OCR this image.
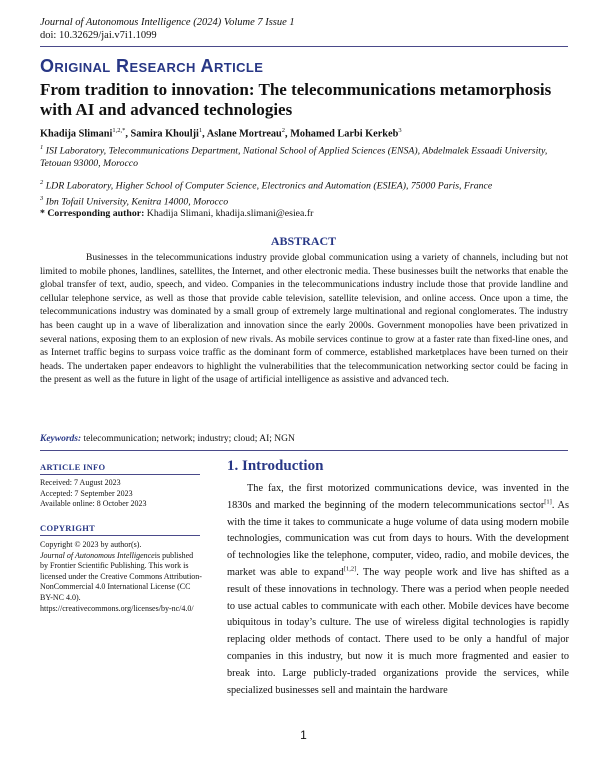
Journal of Autonomous Intelligence (2024) Volume 7 Issue 1
doi: 10.32629/jai.v7i1.1099
Original Research Article
From tradition to innovation: The telecommunications metamorphosis with AI and advanced technologies
Khadija Slimani$^{1,2,*}$, Samira Khoulji$^1$, Aslane Mortreau$^2$, Mohamed Larbi Kerkeb$^3$
$^1$ ISI Laboratory, Telecommunications Department, National School of Applied Sciences (ENSA), Abdelmalek Essaadi University, Tetouan 93000, Morocco
$^2$ LDR Laboratory, Higher School of Computer Science, Electronics and Automation (ESIEA), 75000 Paris, France
$^3$ Ibn Tofail University, Kenitra 14000, Morocco
* Corresponding author: Khadija Slimani, khadija.slimani@esiea.fr
ABSTRACT

Businesses in the telecommunications industry provide global communication using a variety of channels, including but not limited to mobile phones, landlines, satellites, the Internet, and other electronic media. These businesses built the networks that enable the global transfer of text, audio, speech, and video. Companies in the telecommunications industry include those that provide landline and cellular telephone service, as well as those that provide cable television, satellite television, and online access. Once upon a time, the telecommunications industry was dominated by a small group of extremely large multinational and regional conglomerates. The industry has been caught up in a wave of liberalization and innovation since the early 2000s. Government monopolies have been privatized in several nations, exposing them to an explosion of new rivals. As mobile services continue to grow at a faster rate than fixed-line ones, and as Internet traffic begins to surpass voice traffic as the dominant form of commerce, established marketplaces have been turned on their heads. The undertaken paper endeavors to highlight the vulnerabilities that the telecommunication networking sector could be facing in the present as well as the future in light of the usage of artificial intelligence as assistive and advanced tech.

Keywords: telecommunication; network; industry; cloud; AI; NGN
ARTICLE INFO
Received: 7 August 2023
Accepted: 7 September 2023
Available online: 8 October 2023
COPYRIGHT
Copyright © 2023 by author(s).
Journal of Autonomous Intelligenceis published by Frontier Scientific Publishing. This work is licensed under the Creative Commons Attribution-NonCommercial 4.0 International License (CC BY-NC 4.0). https://creativecommons.org/licenses/by-nc/4.0/
1. Introduction

The fax, the first motorized communications device, was invented in the 1830s and marked the beginning of the modern telecommunications sector[1]. As with the time it takes to communicate a huge volume of data using modern mobile technologies, communication was cut from days to hours. With the development of technologies like the telephone, computer, video, radio, and mobile devices, the market was able to expand[1,2]. The way people work and live has shifted as a result of these innovations in technology. There was a period when people needed to use actual cables to communicate with each other. Mobile devices have become ubiquitous in today’s culture. The use of wireless digital technologies is rapidly replacing older methods of contact. There used to be only a handful of major companies in this industry, but now it is much more fragmented and easier to break into. Large publicly-traded organizations provide the services, while specialized businesses sell and maintain the hardware

1
